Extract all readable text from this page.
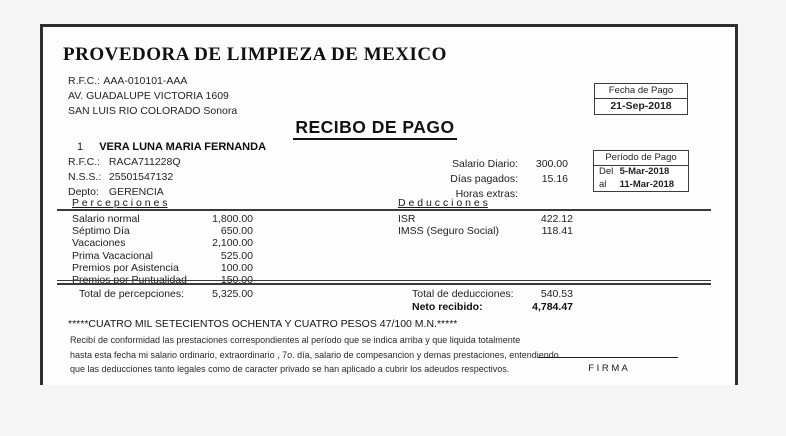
PROVEDORA DE LIMPIEZA DE MEXICO
R.F.C.: AAA-010101-AAA
AV. GUADALUPE VICTORIA 1609
SAN LUIS RIO COLORADO Sonora
Fecha de Pago
21-Sep-2018
RECIBO DE PAGO
1 VERA LUNA MARIA FERNANDA
R.F.C.: RACA711228Q
N.S.S.: 25501547132
Depto: GERENCIA
Salario Diario:	300.00
Días pagados:	15.16
Horas extras:
Período de Pago
Del 5-Mar-2018
al 11-Mar-2018
P e r c e p c i o n e s	D e d u c c i o n e s
Salario normal	1,800.00
Séptimo Día	650.00
Vacaciones	2,100.00
Prima Vacacional	525.00
Premios por Asistencia	100.00
Premios por Puntualidad	150.00
ISR	422.12
IMSS (Seguro Social)	118.41
Total de percepciones:	5,325.00	Total de deducciones:	540.53
Neto recibido:	4,784.47
*****CUATRO MIL SETECIENTOS OCHENTA Y CUATRO PESOS 47/100 M.N.*****
Recibí de conformidad las prestaciones correspondientes al período que se indica arriba y que liquida totalmente
hasta esta fecha mi salario ordinario, extraordinario , 7o. día, salario de compesancion y demas prestaciones, entendiendo
que las deducciones tanto legales como de caracter privado se han aplicado a cubrir los adeudos respectivos.	F I R M A
